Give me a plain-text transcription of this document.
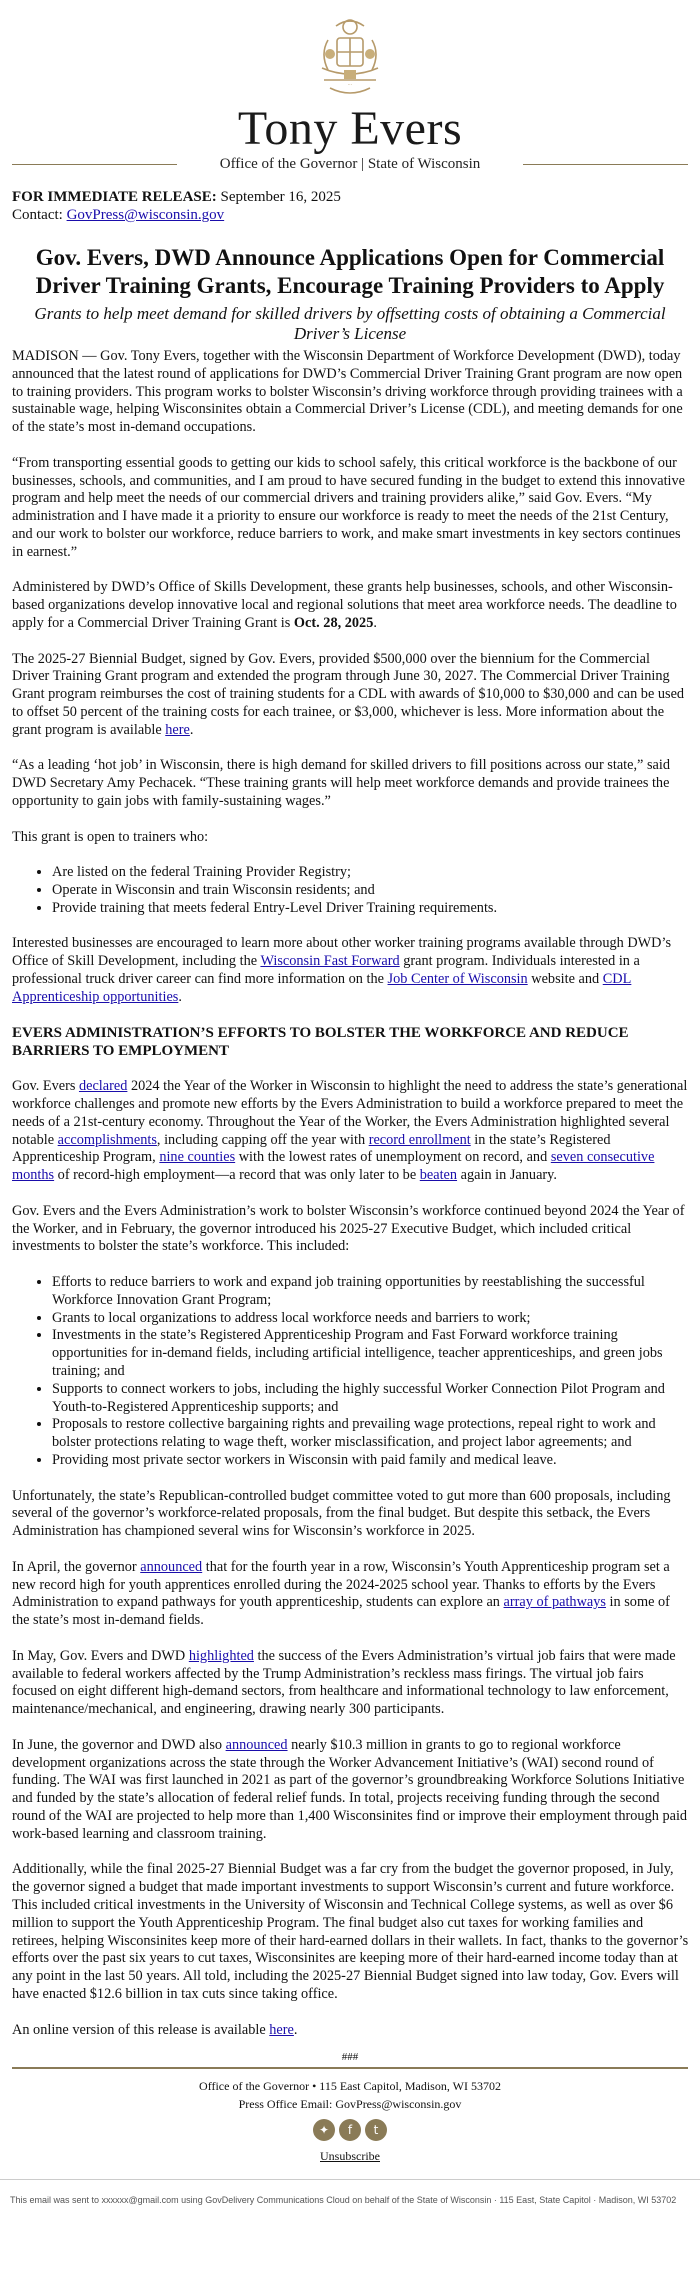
⋯
Tony Evers
Office of the Governor | State of Wisconsin
FOR IMMEDIATE RELEASE: September 16, 2025
Contact: GovPress@wisconsin.gov
Gov. Evers, DWD Announce Applications Open for Commercial Driver Training Grants, Encourage Training Providers to Apply
Grants to help meet demand for skilled drivers by offsetting costs of obtaining a Commercial Driver’s License

MADISON — Gov. Tony Evers, together with the Wisconsin Department of Workforce Development (DWD), today announced that the latest round of applications for DWD’s Commercial Driver Training Grant program are now open to training providers. This program works to bolster Wisconsin’s driving workforce through providing trainees with a sustainable wage, helping Wisconsinites obtain a Commercial Driver’s License (CDL), and meeting demands for one of the state’s most in-demand occupations.

“From transporting essential goods to getting our kids to school safely, this critical workforce is the backbone of our businesses, schools, and communities, and I am proud to have secured funding in the budget to extend this innovative program and help meet the needs of our commercial drivers and training providers alike,” said Gov. Evers. “My administration and I have made it a priority to ensure our workforce is ready to meet the needs of the 21st Century, and our work to bolster our workforce, reduce barriers to work, and make smart investments in key sectors continues in earnest.”

Administered by DWD’s Office of Skills Development, these grants help businesses, schools, and other Wisconsin-based organizations develop innovative local and regional solutions that meet area workforce needs. The deadline to apply for a Commercial Driver Training Grant is Oct. 28, 2025.

The 2025-27 Biennial Budget, signed by Gov. Evers, provided $500,000 over the biennium for the Commercial Driver Training Grant program and extended the program through June 30, 2027. The Commercial Driver Training Grant program reimburses the cost of training students for a CDL with awards of $10,000 to $30,000 and can be used to offset 50 percent of the training costs for each trainee, or $3,000, whichever is less. More information about the grant program is available here.

“As a leading ‘hot job’ in Wisconsin, there is high demand for skilled drivers to fill positions across our state,” said DWD Secretary Amy Pechacek. “These training grants will help meet workforce demands and provide trainees the opportunity to gain jobs with family-sustaining wages.”

This grant is open to trainers who:

• Are listed on the federal Training Provider Registry;
• Operate in Wisconsin and train Wisconsin residents; and
• Provide training that meets federal Entry-Level Driver Training requirements.

Interested businesses are encouraged to learn more about other worker training programs available through DWD’s Office of Skill Development, including the Wisconsin Fast Forward grant program. Individuals interested in a professional truck driver career can find more information on the Job Center of Wisconsin website and CDL Apprenticeship opportunities.

EVERS ADMINISTRATION’S EFFORTS TO BOLSTER THE WORKFORCE AND REDUCE BARRIERS TO EMPLOYMENT

Gov. Evers declared 2024 the Year of the Worker in Wisconsin to highlight the need to address the state’s generational workforce challenges and promote new efforts by the Evers Administration to build a workforce prepared to meet the needs of a 21st-century economy. Throughout the Year of the Worker, the Evers Administration highlighted several notable accomplishments, including capping off the year with record enrollment in the state’s Registered Apprenticeship Program, nine counties with the lowest rates of unemployment on record, and seven consecutive months of record-high employment—a record that was only later to be beaten again in January.

Gov. Evers and the Evers Administration’s work to bolster Wisconsin’s workforce continued beyond 2024 the Year of the Worker, and in February, the governor introduced his 2025-27 Executive Budget, which included critical investments to bolster the state’s workforce. This included:

• Efforts to reduce barriers to work and expand job training opportunities by reestablishing the successful Workforce Innovation Grant Program;
• Grants to local organizations to address local workforce needs and barriers to work;
• Investments in the state’s Registered Apprenticeship Program and Fast Forward workforce training opportunities for in-demand fields, including artificial intelligence, teacher apprenticeships, and green jobs training; and
• Supports to connect workers to jobs, including the highly successful Worker Connection Pilot Program and Youth-to-Registered Apprenticeship supports; and
• Proposals to restore collective bargaining rights and prevailing wage protections, repeal right to work and bolster protections relating to wage theft, worker misclassification, and project labor agreements; and
• Providing most private sector workers in Wisconsin with paid family and medical leave.

Unfortunately, the state’s Republican-controlled budget committee voted to gut more than 600 proposals, including several of the governor’s workforce-related proposals, from the final budget. But despite this setback, the Evers Administration has championed several wins for Wisconsin’s workforce in 2025.

In April, the governor announced that for the fourth year in a row, Wisconsin’s Youth Apprenticeship program set a new record high for youth apprentices enrolled during the 2024-2025 school year. Thanks to efforts by the Evers Administration to expand pathways for youth apprenticeship, students can explore an array of pathways in some of the state’s most in-demand fields.

In May, Gov. Evers and DWD highlighted the success of the Evers Administration’s virtual job fairs that were made available to federal workers affected by the Trump Administration’s reckless mass firings. The virtual job fairs focused on eight different high-demand sectors, from healthcare and informational technology to law enforcement, maintenance/mechanical, and engineering, drawing nearly 300 participants.

In June, the governor and DWD also announced nearly $10.3 million in grants to go to regional workforce development organizations across the state through the Worker Advancement Initiative’s (WAI) second round of funding. The WAI was first launched in 2021 as part of the governor’s groundbreaking Workforce Solutions Initiative and funded by the state’s allocation of federal relief funds. In total, projects receiving funding through the second round of the WAI are projected to help more than 1,400 Wisconsinites find or improve their employment through paid work-based learning and classroom training.

Additionally, while the final 2025-27 Biennial Budget was a far cry from the budget the governor proposed, in July, the governor signed a budget that made important investments to support Wisconsin’s current and future workforce. This included critical investments in the University of Wisconsin and Technical College systems, as well as over $6 million to support the Youth Apprenticeship Program. The final budget also cut taxes for working families and retirees, helping Wisconsinites keep more of their hard-earned dollars in their wallets. In fact, thanks to the governor’s efforts over the past six years to cut taxes, Wisconsinites are keeping more of their hard-earned income today than at any point in the last 50 years. All told, including the 2025-27 Biennial Budget signed into law today, Gov. Evers will have enacted $12.6 billion in tax cuts since taking office.

An online version of this release is available here.

###
Office of the Governor • 115 East Capitol, Madison, WI 53702
Press Office Email: GovPress@wisconsin.gov
✦	f	t
Unsubscribe
This email was sent to xxxxxx@gmail.com using GovDelivery Communications Cloud on behalf of the State of Wisconsin · 115 East, State Capitol · Madison, WI 53702
